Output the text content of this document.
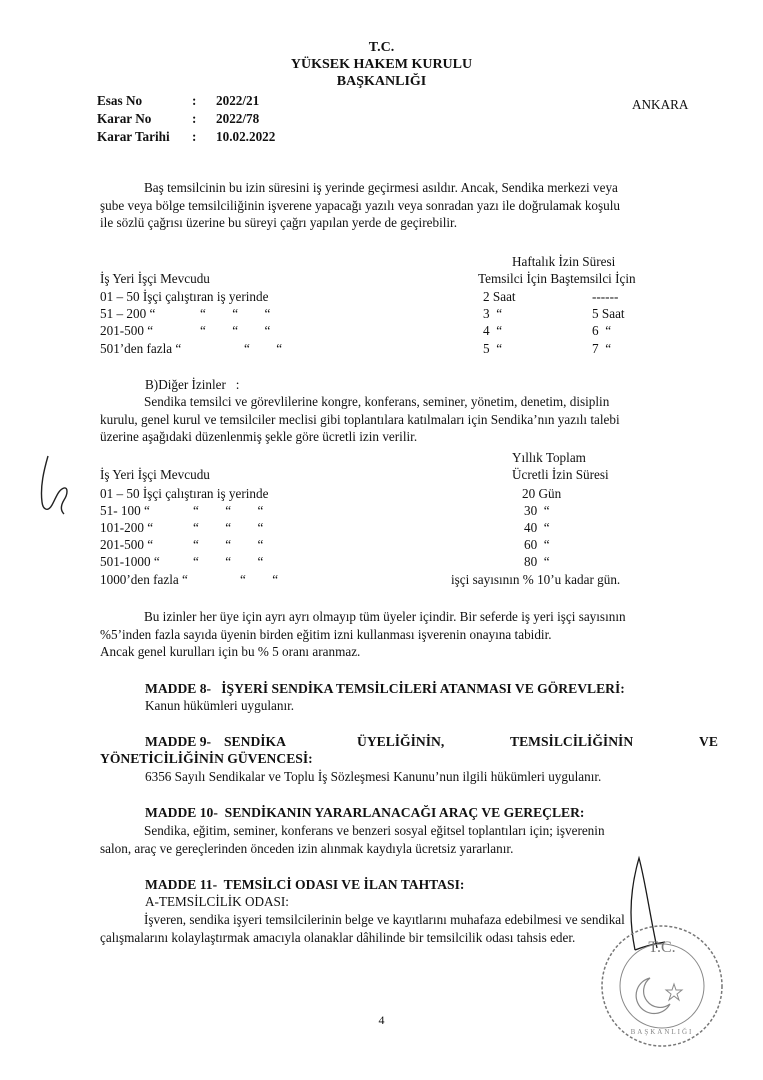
T.C.
YÜKSEK HAKEM KURULU
BAŞKANLIĞI
Esas No	: 2022/21
Karar No	: 2022/78
Karar Tarihi : 10.02.2022
ANKARA
Baş temsilcinin bu izin süresini iş yerinde geçirmesi asıldır. Ancak, Sendika merkezi veya
şube veya bölge temsilciliğinin işverene yapacağı yazılı veya sonradan yazı ile doğrulamak koşulu
ile sözlü çağrısı üzerine bu süreyi çağrı yapılan yerde de geçirebilir.
Haftalık İzin Süresi
İş Yeri İşçi Mevcudu	Temsilci İçin Baştemsilci İçin
01 – 50 İşçi çalıştıran iş yerinde	2 Saat	------
51 – 200 “	“        “        “	3  “	5 Saat
201-500 “	“        “        “	4  “	6  “
501’den fazla “	“        “	5  “	7  “
B)Diğer İzinler   :
Sendika temsilci ve görevlilerine kongre, konferans, seminer, yönetim, denetim, disiplin
kurulu, genel kurul ve temsilciler meclisi gibi toplantılara katılmaları için Sendika’nın yazılı talebi
üzerine aşağıdaki düzenlenmiş şekle göre ücretli izin verilir.
Yıllık Toplam
İş Yeri İşçi Mevcudu	Ücretli İzin Süresi
01 – 50 İşçi çalıştıran iş yerinde	20 Gün
51- 100 “	“        “        “	30  “
101-200 “	“        “        “	40  “
201-500 “	“        “        “	60  “
501-1000 “	“        “        “	80  “
1000’den fazla “	“        “	işçi sayısının % 10’u kadar gün.
Bu izinler her üye için ayrı ayrı olmayıp tüm üyeler içindir. Bir seferde iş yeri işçi sayısının
%5’inden fazla sayıda üyenin birden eğitim izni kullanması işverenin onayına tabidir.
Ancak genel kurulları için bu % 5 oranı aranmaz.
MADDE 8-   İŞYERİ SENDİKA TEMSİLCİLERİ ATANMASI VE GÖREVLERİ:
Kanun hükümleri uygulanır.
MADDE 9- SENDİKA	ÜYELİĞİNİN,	TEMSİLCİLİĞİNİN	VE
YÖNETİCİLİĞİNİN GÜVENCESİ:
6356 Sayılı Sendikalar ve Toplu İş Sözleşmesi Kanunu’nun ilgili hükümleri uygulanır.
MADDE 10-  SENDİKANIN YARARLANACAĞI ARAÇ VE GEREÇLER:
Sendika, eğitim, seminer, konferans ve benzeri sosyal eğitsel toplantıları için; işverenin
salon, araç ve gereçlerinden önceden izin alınmak kaydıyla ücretsiz yararlanır.
MADDE 11-  TEMSİLCİ ODASI VE İLAN TAHTASI:
A-TEMSİLCİLİK ODASI:
İşveren, sendika işyeri temsilcilerinin belge ve kayıtlarını muhafaza edebilmesi ve sendikal
çalışmalarını kolaylaştırmak amacıyla olanaklar dâhilinde bir temsilcilik odası tahsis eder.
T.C.
BAŞKANLIĞI
4
